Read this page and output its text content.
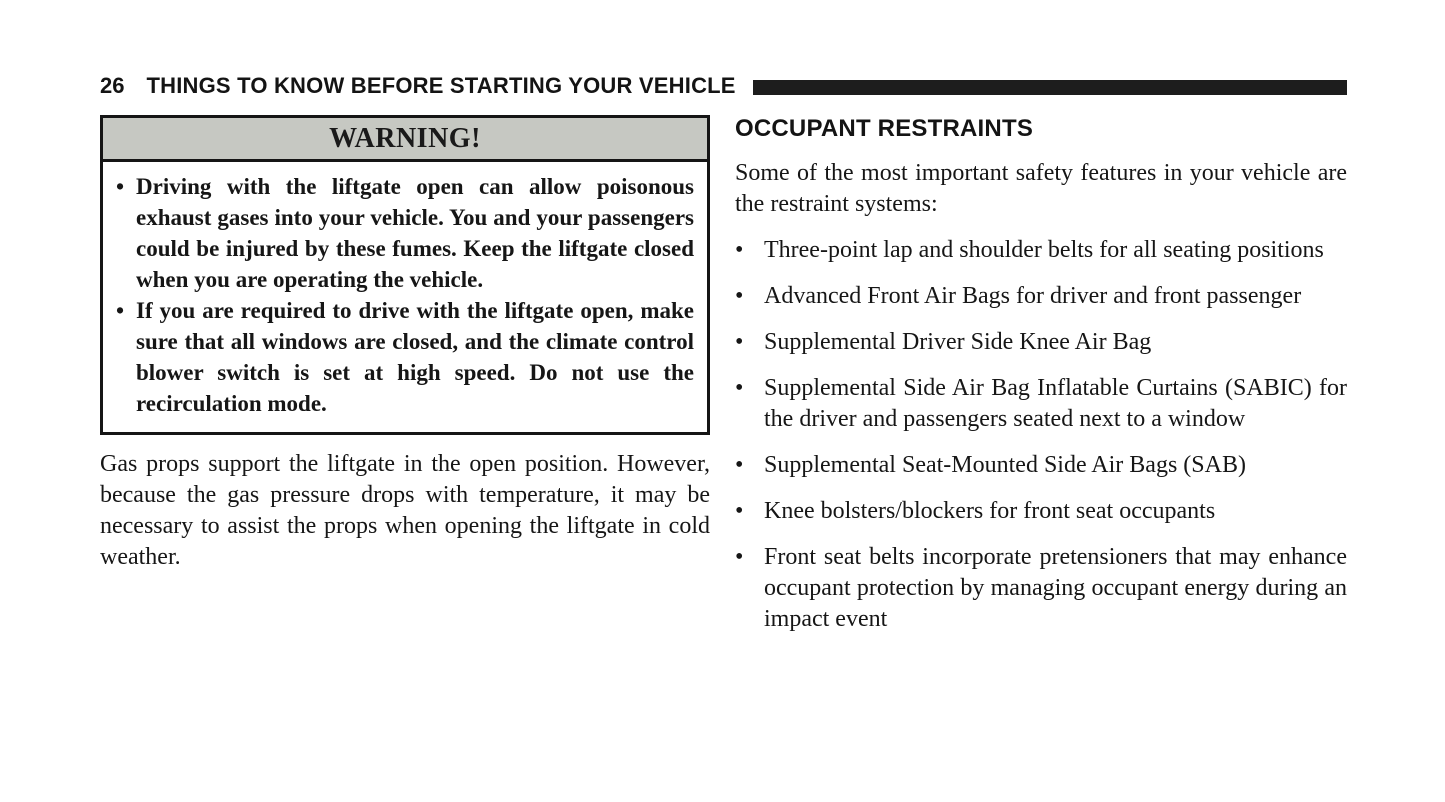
26 THINGS TO KNOW BEFORE STARTING YOUR VEHICLE
WARNING!
• Driving with the liftgate open can allow poisonous exhaust gases into your vehicle. You and your passengers could be injured by these fumes. Keep the liftgate closed when you are operating the vehicle.
• If you are required to drive with the liftgate open, make sure that all windows are closed, and the climate control blower switch is set at high speed. Do not use the recirculation mode.

Gas props support the liftgate in the open position. However, because the gas pressure drops with temperature, it may be necessary to assist the props when opening the liftgate in cold weather.

OCCUPANT RESTRAINTS

Some of the most important safety features in your vehicle are the restraint systems:

• Three-point lap and shoulder belts for all seating positions
• Advanced Front Air Bags for driver and front passenger
• Supplemental Driver Side Knee Air Bag
• Supplemental Side Air Bag Inflatable Curtains (SABIC) for the driver and passengers seated next to a window
• Supplemental Seat-Mounted Side Air Bags (SAB)
• Knee bolsters/blockers for front seat occupants
• Front seat belts incorporate pretensioners that may enhance occupant protection by managing occupant energy during an impact event
